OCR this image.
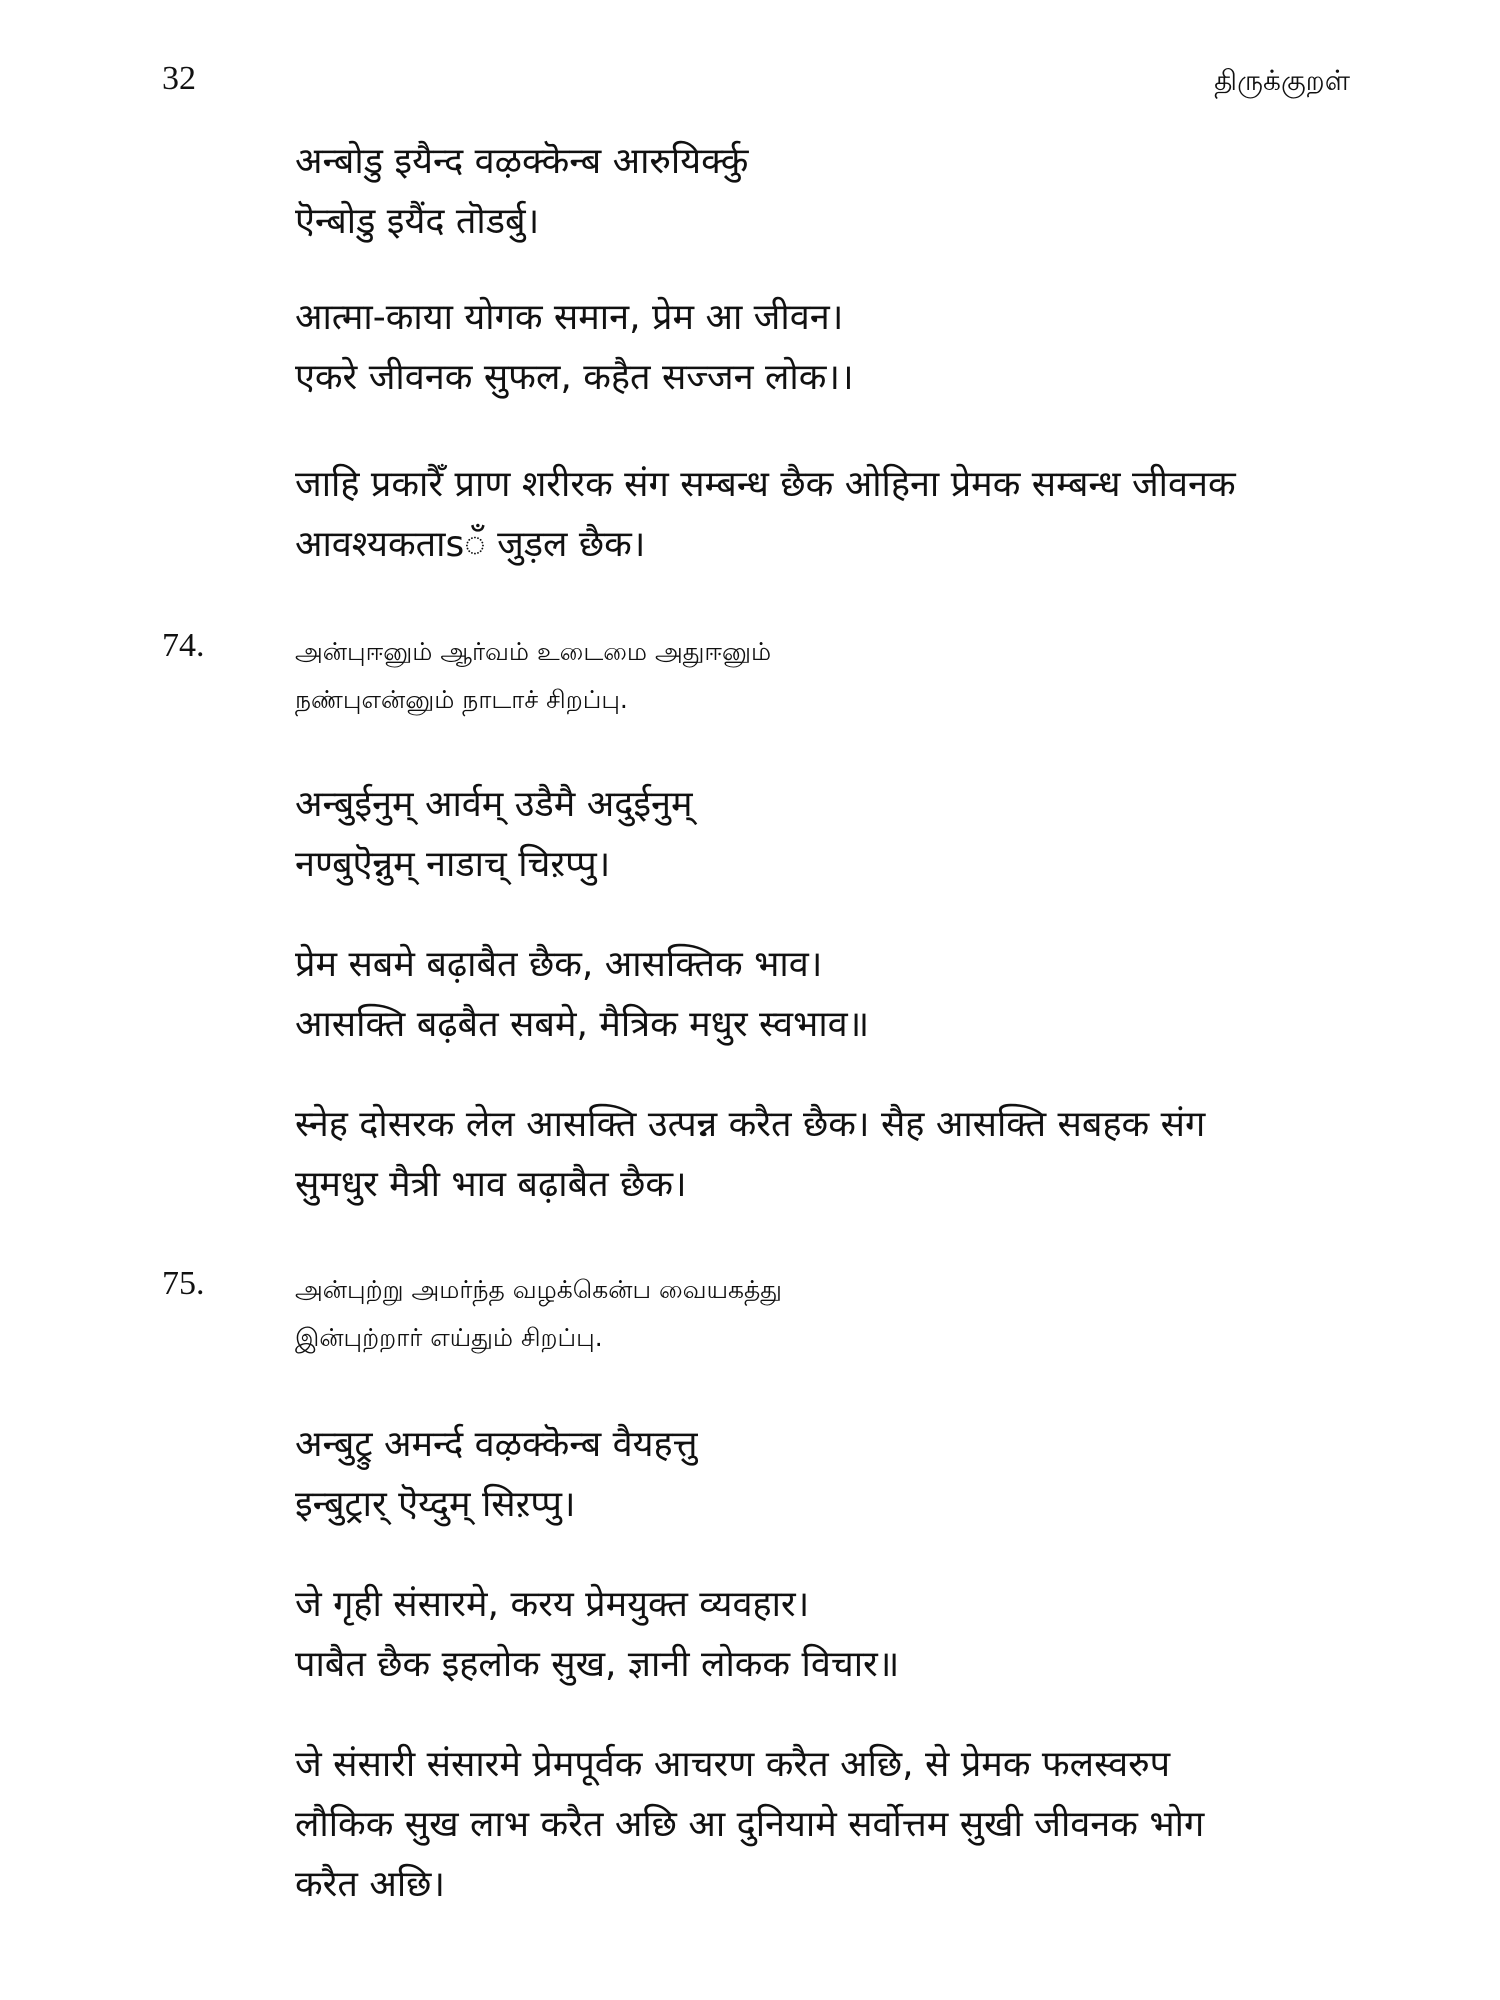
32	திருக்குறள்
अन्बोडु इयैन्द वऴक्कॆन्ब आरुयिर्क्कु
ऎन्बोडु इयैंद तॊडर्बु।
आत्मा-काया योगक समान, प्रेम आ जीवन।
एकरे जीवनक सुफल, कहैत सज्जन लोक।।
जाहि प्रकारैँ प्राण शरीरक संग सम्बन्ध छैक ओहिना प्रेमक सम्बन्ध जीवनक
आवश्यकताsँ जुड़ल छैक।
74.	அன்புஈனும் ஆர்வம் உடைமை அதுஈனும்
நண்புஎன்னும் நாடாச் சிறப்பு.
अन्बुईनुम् आर्वम् उडैमै अदुईनुम्
नण्बुऎन्नुम् नाडाच् चिऱप्पु।
प्रेम सबमे बढ़ाबैत छैक, आसक्तिक भाव।
आसक्ति बढ़बैत सबमे, मैत्रिक मधुर स्वभाव॥
स्नेह दोसरक लेल आसक्ति उत्पन्न करैत छैक। सैह आसक्ति सबहक संग
सुमधुर मैत्री भाव बढ़ाबैत छैक।
75.	அன்புற்று அமர்ந்த வழக்கென்ப வையகத்து
இன்புற்றார் எய்தும் சிறப்பு.
अन्बुट्रु अमर्न्द वऴक्कॆन्ब वैयहत्तु
इन्बुट्रार् ऎय्दुम् सिऱप्पु।
जे गृही संसारमे, करय प्रेमयुक्त व्यवहार।
पाबैत छैक इहलोक सुख, ज्ञानी लोकक विचार॥
जे संसारी संसारमे प्रेमपूर्वक आचरण करैत अछि, से प्रेमक फलस्वरुप
लौकिक सुख लाभ करैत अछि आ दुनियामे सर्वोत्तम सुखी जीवनक भोग
करैत अछि।
